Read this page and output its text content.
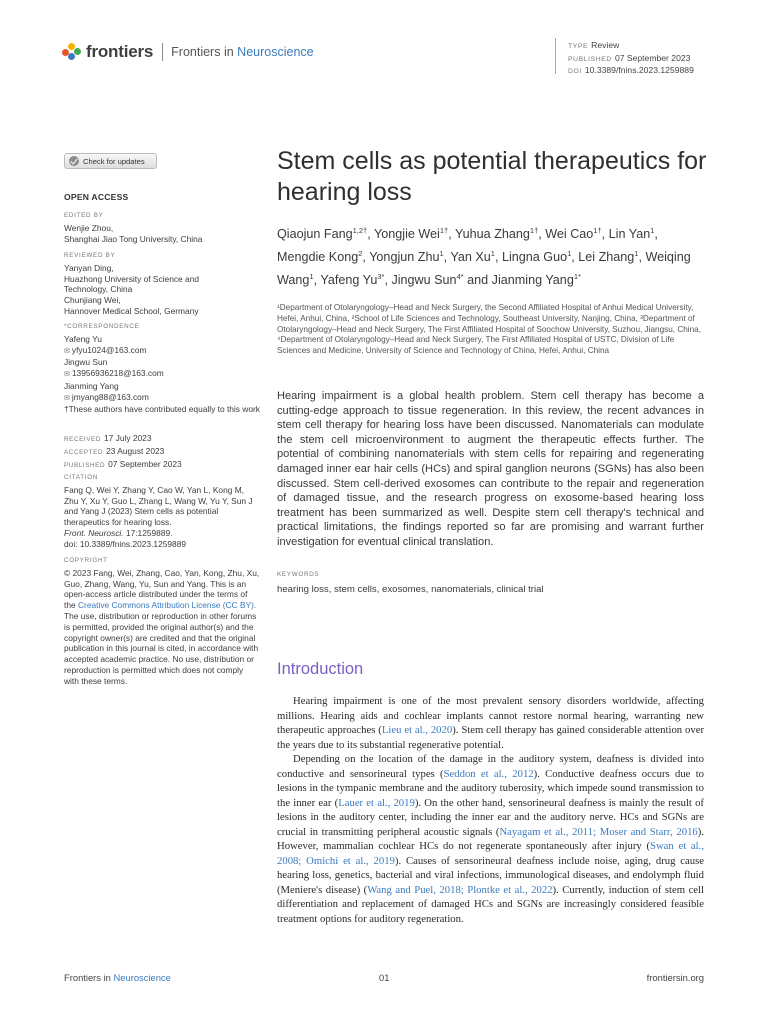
frontiers Frontiers in Neuroscience	TYPE Review
PUBLISHED 07 September 2023
DOI 10.3389/fnins.2023.1259889
Check for updates
OPEN ACCESS
EDITED BY
Wenjie Zhou,
Shanghai Jiao Tong University, China
REVIEWED BY
Yanyan Ding,
Huazhong University of Science and
Technology, China
Chunjiang Wei,
Hannover Medical School, Germany
*CORRESPONDENCE
Yafeng Yu
✉ yfyu1024@163.com
Jingwu Sun
✉ 13956936218@163.com
Jianming Yang
✉ jmyang88@163.com
†These authors have contributed equally to this work
RECEIVED 17 July 2023
ACCEPTED 23 August 2023
PUBLISHED 07 September 2023
CITATION
Fang Q, Wei Y, Zhang Y, Cao W, Yan L, Kong M, Zhu Y, Xu Y, Guo L, Zhang L, Wang W, Yu Y, Sun J and Yang J (2023) Stem cells as potential therapeutics for hearing loss.
Front. Neurosci. 17:1259889.
doi: 10.3389/fnins.2023.1259889
COPYRIGHT
© 2023 Fang, Wei, Zhang, Cao, Yan, Kong, Zhu, Xu, Guo, Zhang, Wang, Yu, Sun and Yang. This is an open-access article distributed under the terms of the Creative Commons Attribution License (CC BY). The use, distribution or reproduction in other forums is permitted, provided the original author(s) and the copyright owner(s) are credited and that the original publication in this journal is cited, in accordance with accepted academic practice. No use, distribution or reproduction is permitted which does not comply with these terms.
Stem cells as potential therapeutics for hearing loss
Qiaojun Fang$^{1,2\dagger}$, Yongjie Wei$^{1\dagger}$, Yuhua Zhang$^{1\dagger}$, Wei Cao$^{1\dagger}$, Lin Yan$^1$, Mengdie Kong$^2$, Yongjun Zhu$^1$, Yan Xu$^1$, Lingna Guo$^1$, Lei Zhang$^1$, Weiqing Wang$^1$, Yafeng $Yu^{3*}$, Jingwu Sun$^{4*}$ and Jianming Yang$^{1*}$
¹Department of Otolaryngology–Head and Neck Surgery, the Second Affiliated Hospital of Anhui Medical University, Hefei, Anhui, China, ²School of Life Sciences and Technology, Southeast University, Nanjing, China, ³Department of Otolaryngology–Head and Neck Surgery, The First Affiliated Hospital of Soochow University, Suzhou, Jiangsu, China, ⁴Department of Otolaryngology–Head and Neck Surgery, The First Affiliated Hospital of USTC, Division of Life Sciences and Medicine, University of Science and Technology of China, Hefei, Anhui, China
Hearing impairment is a global health problem. Stem cell therapy has become a cutting-edge approach to tissue regeneration. In this review, the recent advances in stem cell therapy for hearing loss have been discussed. Nanomaterials can modulate the stem cell microenvironment to augment the therapeutic effects further. The potential of combining nanomaterials with stem cells for repairing and regenerating damaged inner ear hair cells (HCs) and spiral ganglion neurons (SGNs) has also been discussed. Stem cell-derived exosomes can contribute to the repair and regeneration of damaged tissue, and the research progress on exosome-based hearing loss treatment has been summarized as well. Despite stem cell therapy's technical and practical limitations, the findings reported so far are promising and warrant further investigation for eventual clinical translation.
KEYWORDS
hearing loss, stem cells, exosomes, nanomaterials, clinical trial
Introduction

Hearing impairment is one of the most prevalent sensory disorders worldwide, affecting millions. Hearing aids and cochlear implants cannot restore normal hearing, warranting new therapeutic approaches (Lieu et al., 2020). Stem cell therapy has gained considerable attention over the years due to its substantial regenerative potential.

Depending on the location of the damage in the auditory system, deafness is divided into conductive and sensorineural types (Seddon et al., 2012). Conductive deafness occurs due to lesions in the tympanic membrane and the auditory tuberosity, which impede sound transmission to the inner ear (Lauer et al., 2019). On the other hand, sensorineural deafness is mainly the result of lesions in the auditory center, including the inner ear and the auditory nerve. HCs and SGNs are crucial in transmitting peripheral acoustic signals (Nayagam et al., 2011; Moser and Starr, 2016). However, mammalian cochlear HCs do not regenerate spontaneously after injury (Swan et al., 2008; Omichi et al., 2019). Causes of sensorineural deafness include noise, aging, drug cause hearing loss, genetics, bacterial and viral infections, immunological diseases, and endolymph fluid (Meniere's disease) (Wang and Puel, 2018; Plontke et al., 2022). Currently, induction of stem cell differentiation and replacement of damaged HCs and SGNs are increasingly considered feasible treatment options for auditory regeneration.

Frontiers in Neuroscience	01	frontiersin.org
